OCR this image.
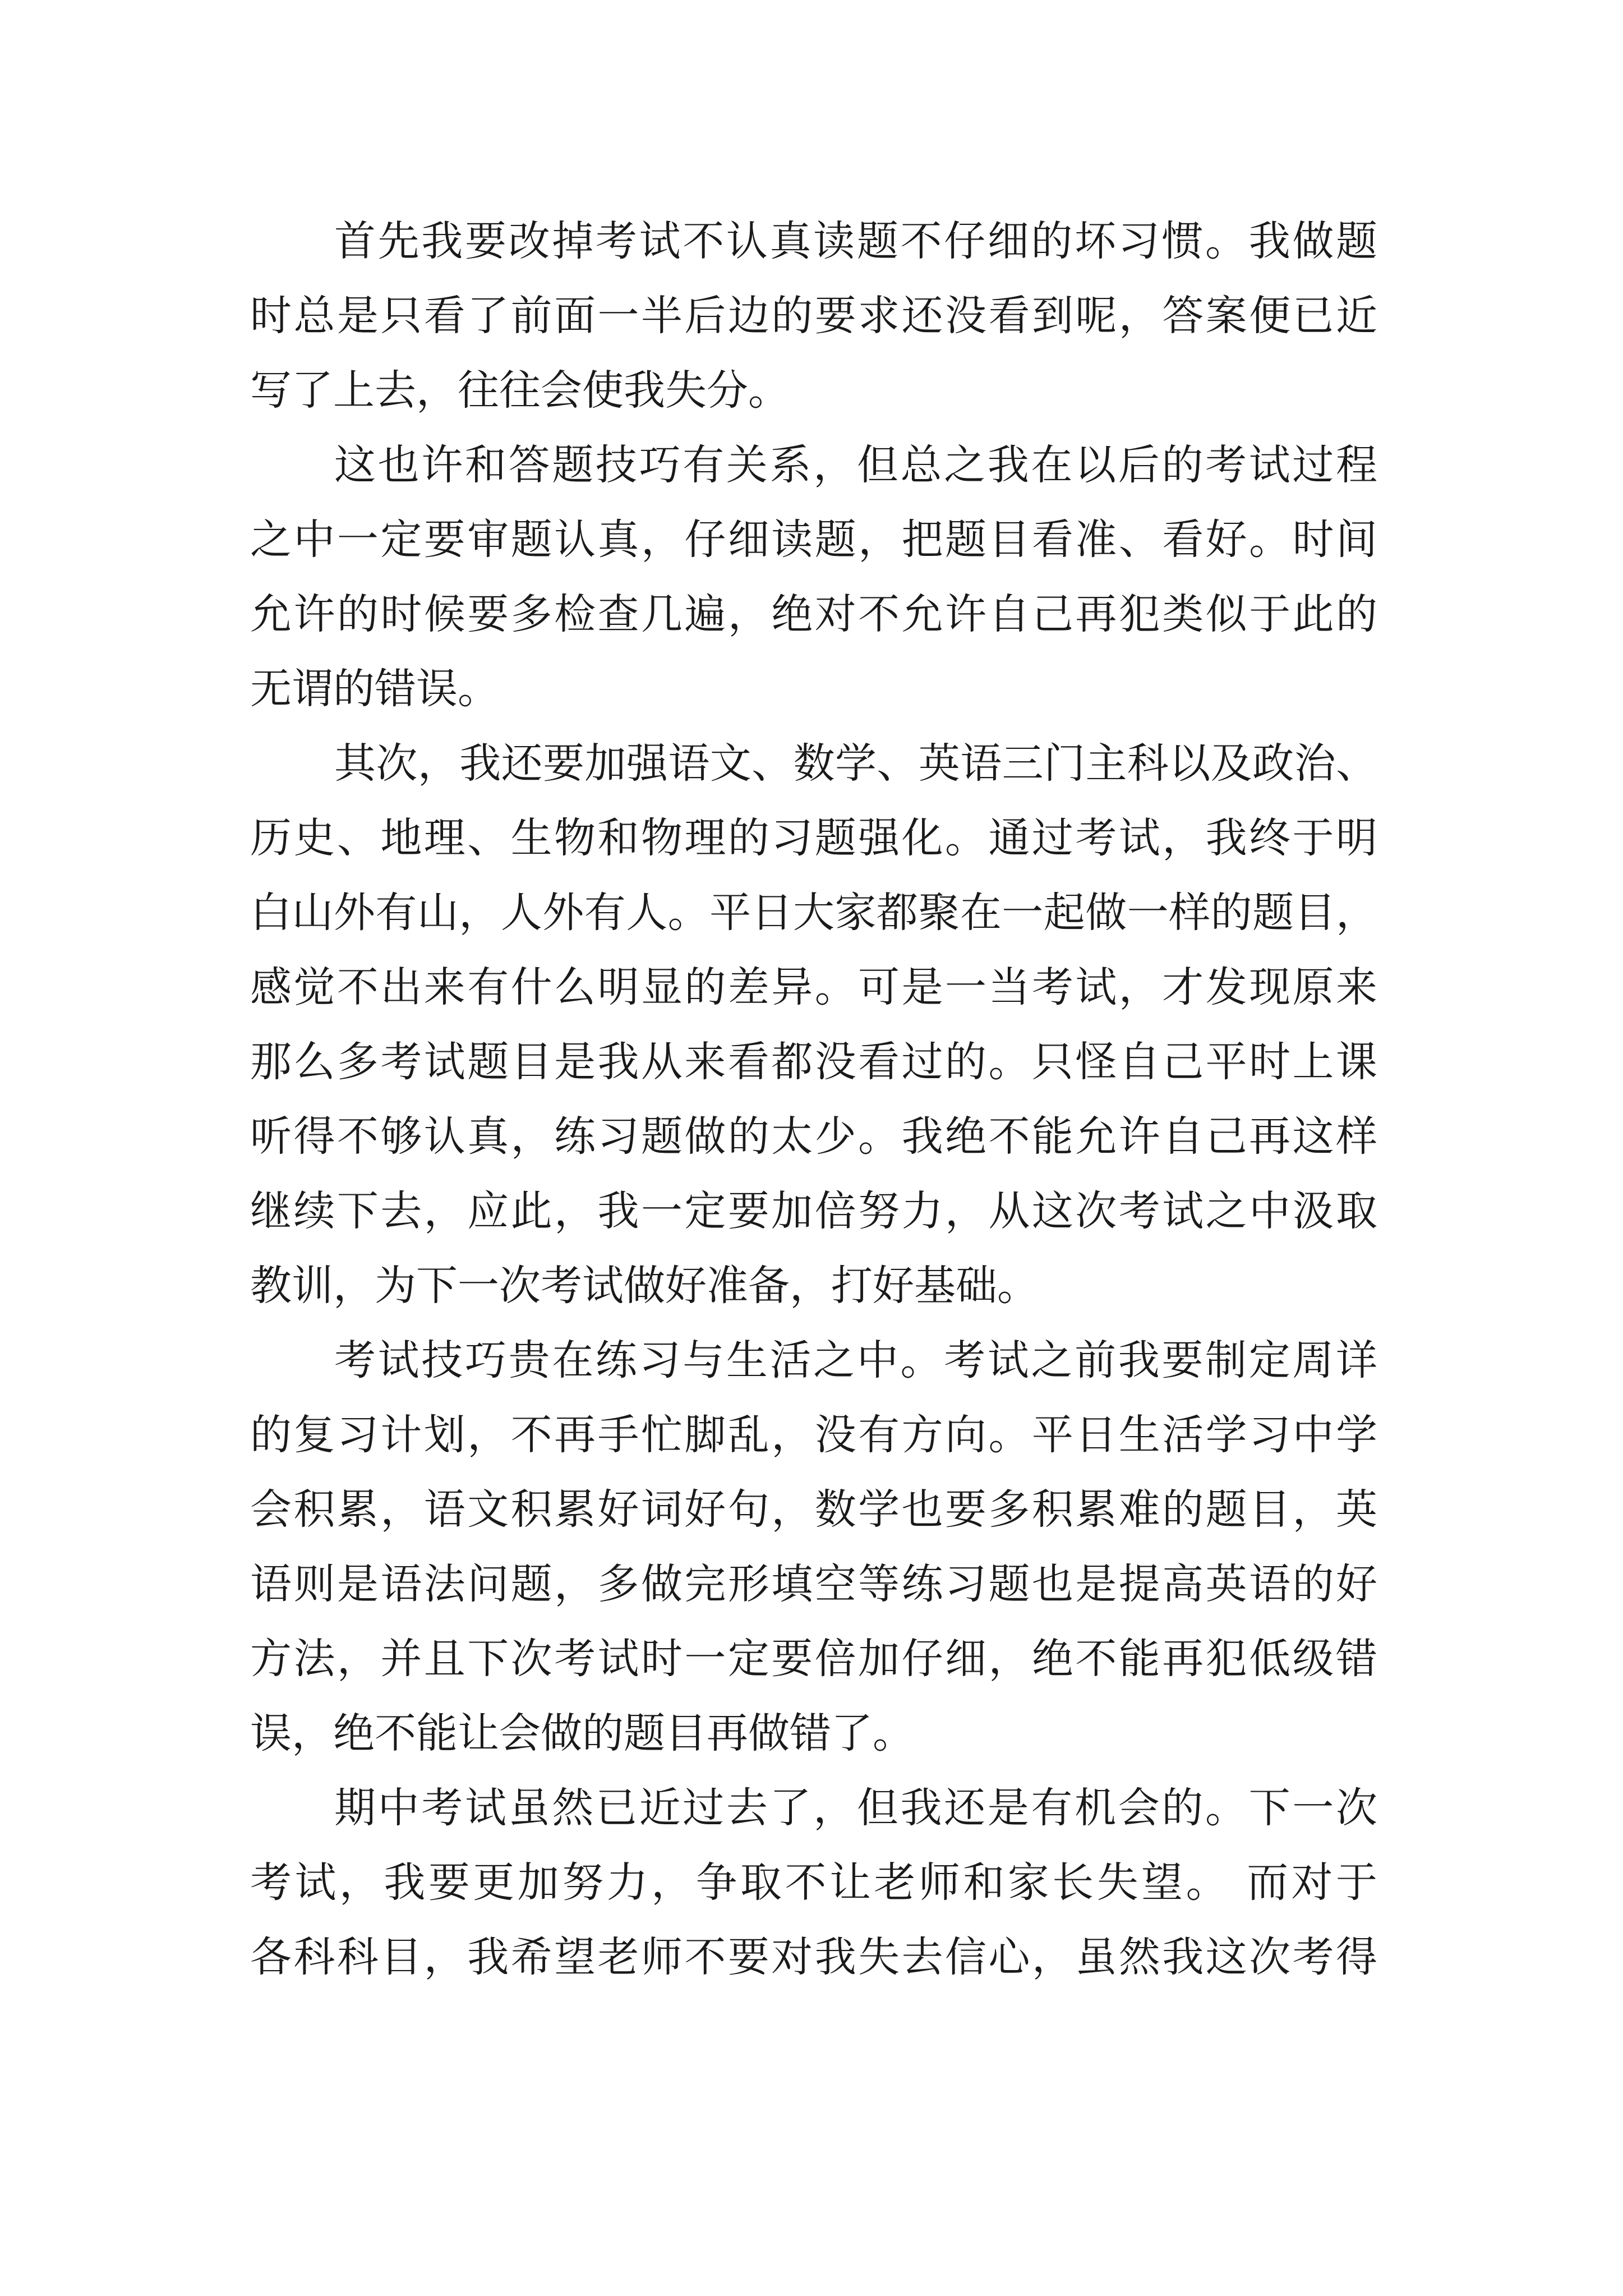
首先我要改掉考试不认真读题不仔细的坏习惯。我做题
时总是只看了前面一半后边的要求还没看到呢，答案便已近
写了上去，往往会使我失分。
这也许和答题技巧有关系，但总之我在以后的考试过程
之中一定要审题认真，仔细读题，把题目看准、看好。时间
允许的时候要多检查几遍，绝对不允许自己再犯类似于此的
无谓的错误。
其次，我还要加强语文、数学、英语三门主科以及政治、
历史、地理、生物和物理的习题强化。通过考试，我终于明
白山外有山，人外有人。平日大家都聚在一起做一样的题目，
感觉不出来有什么明显的差异。可是一当考试，才发现原来
那么多考试题目是我从来看都没看过的。只怪自己平时上课
听得不够认真，练习题做的太少。我绝不能允许自己再这样
继续下去，应此，我一定要加倍努力，从这次考试之中汲取
教训，为下一次考试做好准备，打好基础。
考试技巧贵在练习与生活之中。考试之前我要制定周详
的复习计划，不再手忙脚乱，没有方向。平日生活学习中学
会积累，语文积累好词好句，数学也要多积累难的题目，英
语则是语法问题，多做完形填空等练习题也是提高英语的好
方法，并且下次考试时一定要倍加仔细，绝不能再犯低级错
误，绝不能让会做的题目再做错了。
期中考试虽然已近过去了，但我还是有机会的。下一次
考试，我要更加努力，争取不让老师和家长失望。 而对于
各科科目，我希望老师不要对我失去信心，虽然我这次考得
